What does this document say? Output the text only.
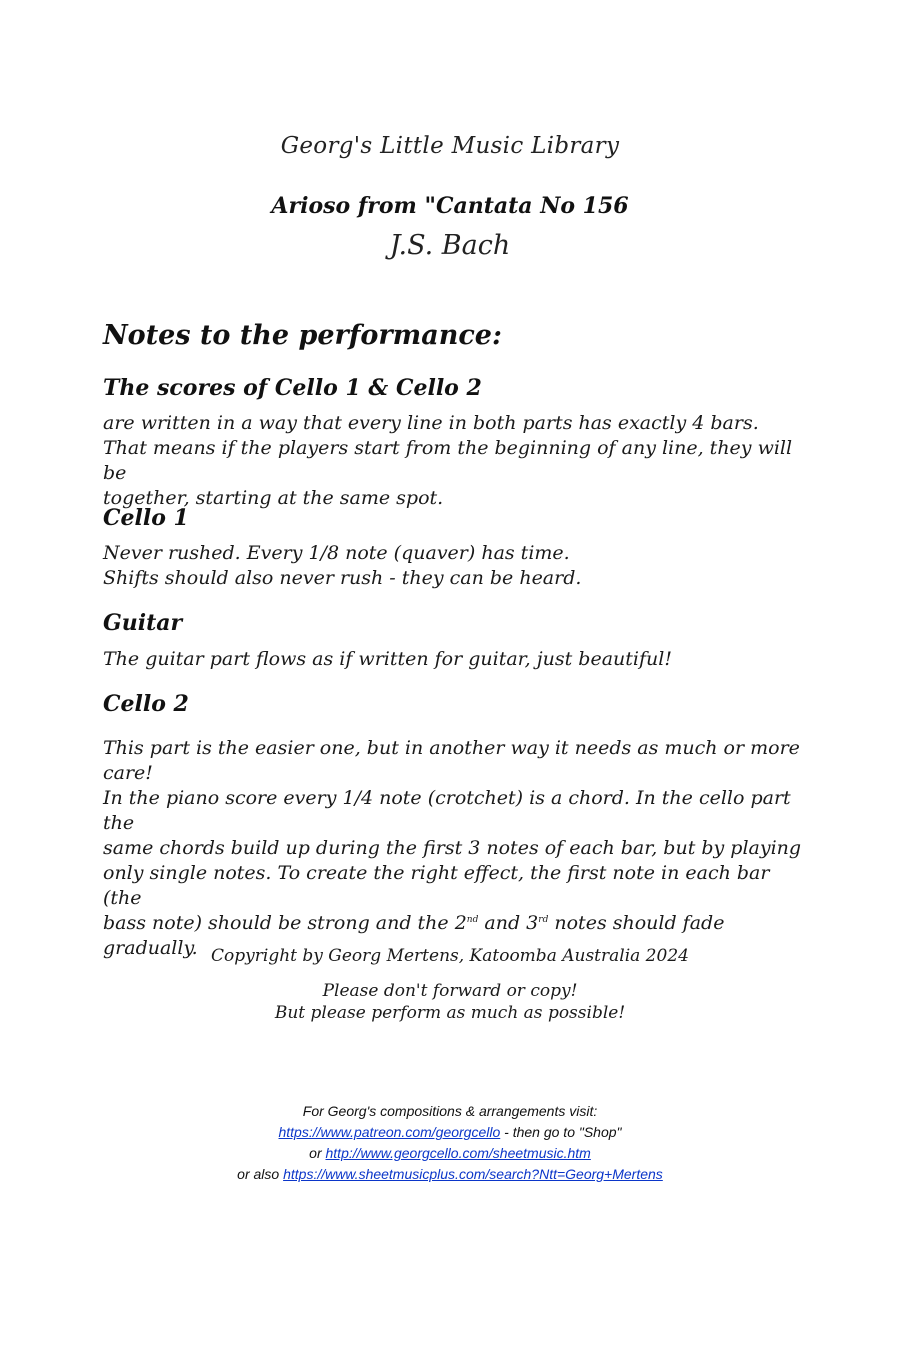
Georg's Little Music Library
Arioso from "Cantata No 156
J.S. Bach
Notes to the performance:
The scores of Cello 1 & Cello 2

are written in a way that every line in both parts has exactly 4 bars.

That means if the players start from the beginning of any line, they will be

together, starting at the same spot.

Cello 1

Never rushed. Every 1/8 note (quaver) has time.

Shifts should also never rush - they can be heard.

Guitar

The guitar part flows as if written for guitar, just beautiful!

Cello 2

This part is the easier one, but in another way it needs as much or more

care!

In the piano score every 1/4 note (crotchet) is a chord. In the cello part the

same chords build up during the first 3 notes of each bar, but by playing

only single notes. To create the right effect, the first note in each bar (the

bass note) should be strong and the 2nd and 3rd notes should fade gradually. Copyright by Georg Mertens, Katoomba Australia 2024
Please don't forward or copy!
But please perform as much as possible!
For Georg's compositions & arrangements visit:
https://www.patreon.com/georgcello - then go to "Shop"
or http://www.georgcello.com/sheetmusic.htm
or also https://www.sheetmusicplus.com/search?Ntt=Georg+Mertens
